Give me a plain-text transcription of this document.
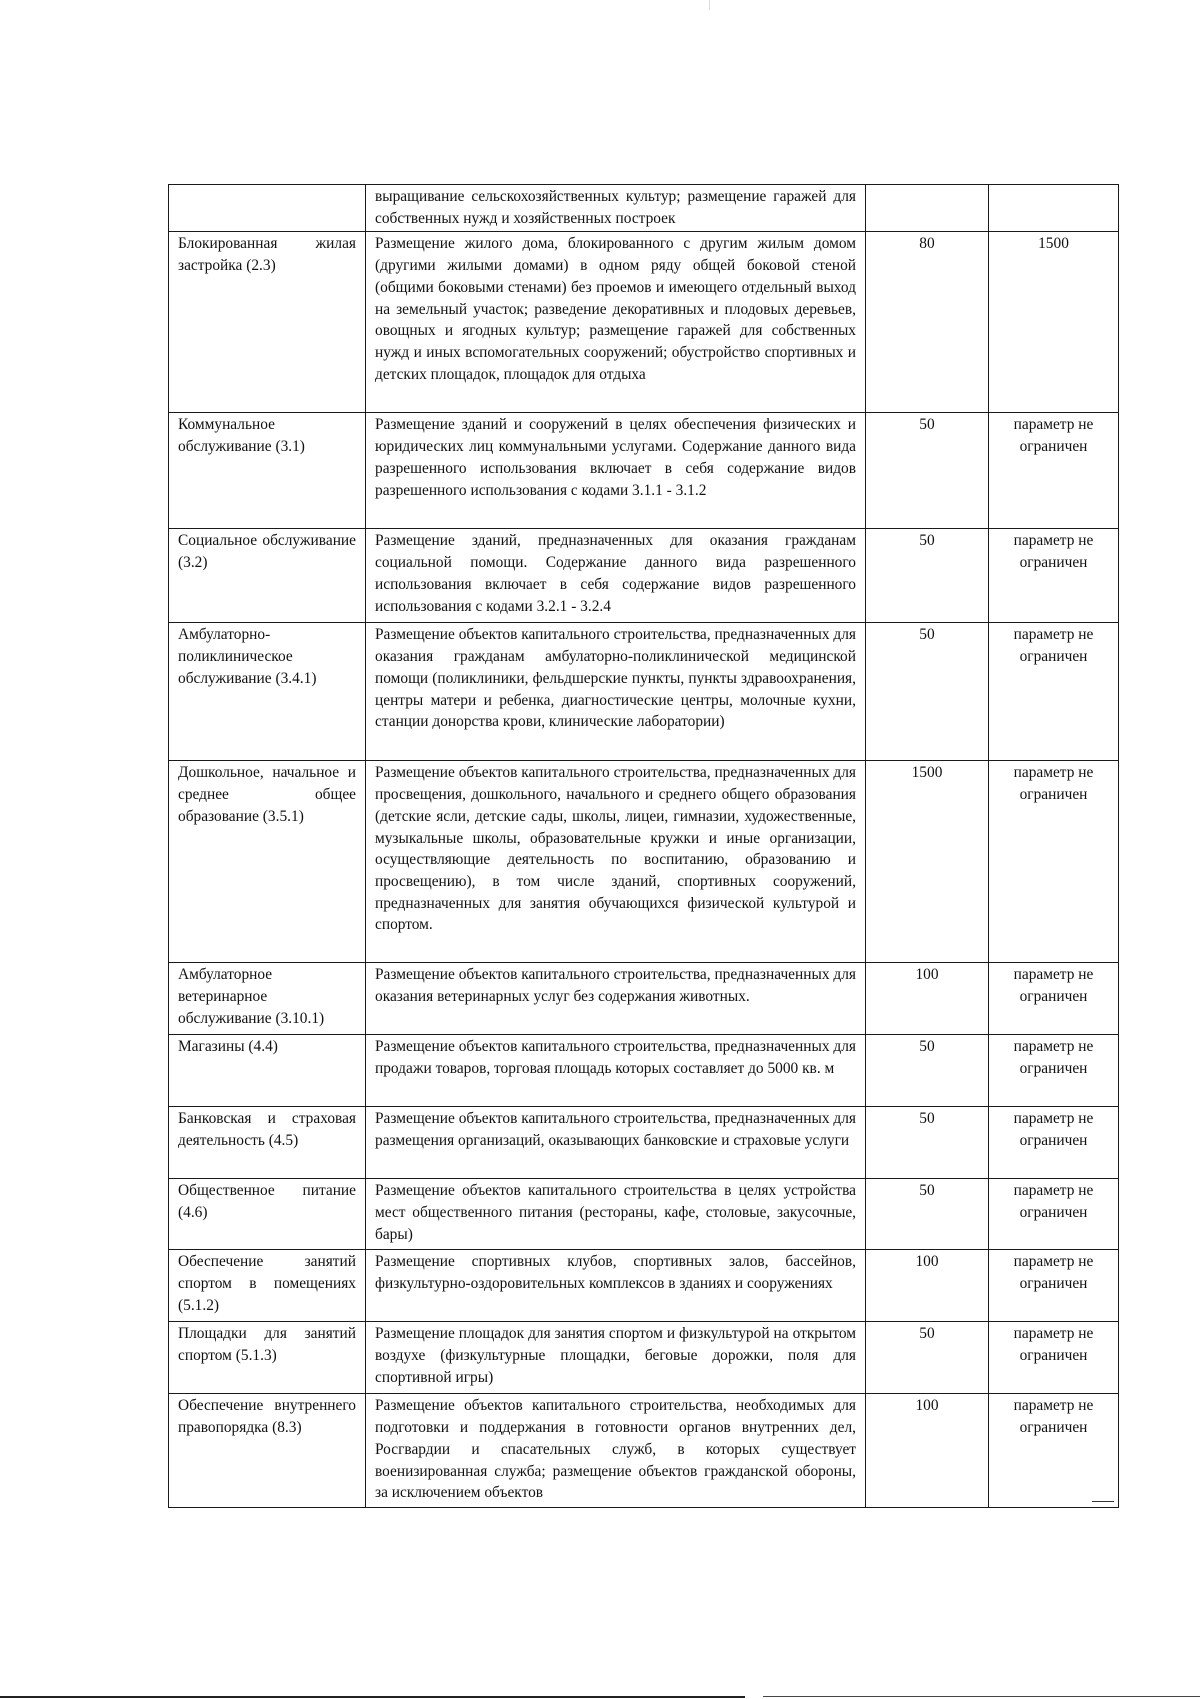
	выращивание сельскохозяйственных культур; размещение гаражей для собственных нужд и хозяйственных построек		
Блокированная жилая застройка (2.3)	Размещение жилого дома, блокированного с другим жилым домом (другими жилыми домами) в одном ряду общей боковой стеной (общими боковыми стенами) без проемов и имеющего отдельный выход на земельный участок; разведение декоративных и плодовых деревьев, овощных и ягодных культур; размещение гаражей для собственных нужд и иных вспомогательных сооружений; обустройство спортивных и детских площадок, площадок для отдыха	80	1500
Коммунальное обслуживание (3.1)	Размещение зданий и сооружений в целях обеспечения физических и юридических лиц коммунальными услугами. Содержание данного вида разрешенного использования включает в себя содержание видов разрешенного использования с кодами 3.1.1 - 3.1.2	50	параметр не ограничен
Социальное обслуживание (3.2)	Размещение зданий, предназначенных для оказания гражданам социальной помощи. Содержание данного вида разрешенного использования включает в себя содержание видов разрешенного использования с кодами 3.2.1 - 3.2.4	50	параметр не ограничен
Амбулаторно-поликлиническое обслуживание (3.4.1)	Размещение объектов капитального строительства, предназначенных для оказания гражданам амбулаторно-поликлинической медицинской помощи (поликлиники, фельдшерские пункты, пункты здравоохранения, центры матери и ребенка, диагностические центры, молочные кухни, станции донорства крови, клинические лаборатории)	50	параметр не ограничен
Дошкольное, начальное и среднее общее образование (3.5.1)	Размещение объектов капитального строительства, предназначенных для просвещения, дошкольного, начального и среднего общего образования (детские ясли, детские сады, школы, лицеи, гимназии, художественные, музыкальные школы, образовательные кружки и иные организации, осуществляющие деятельность по воспитанию, образованию и просвещению), в том числе зданий, спортивных сооружений, предназначенных для занятия обучающихся физической культурой и спортом.	1500	параметр не ограничен
Амбулаторное ветеринарное обслуживание (3.10.1)	Размещение объектов капитального строительства, предназначенных для оказания ветеринарных услуг без содержания животных.	100	параметр не ограничен
Магазины (4.4)	Размещение объектов капитального строительства, предназначенных для продажи товаров, торговая площадь которых составляет до 5000 кв. м	50	параметр не ограничен
Банковская и страховая деятельность (4.5)	Размещение объектов капитального строительства, предназначенных для размещения организаций, оказывающих банковские и страховые услуги	50	параметр не ограничен
Общественное питание (4.6)	Размещение объектов капитального строительства в целях устройства мест общественного питания (рестораны, кафе, столовые, закусочные, бары)	50	параметр не ограничен
Обеспечение занятий спортом в помещениях (5.1.2)	Размещение спортивных клубов, спортивных залов, бассейнов, физкультурно-оздоровительных комплексов в зданиях и сооружениях	100	параметр не ограничен
Площадки для занятий спортом (5.1.3)	Размещение площадок для занятия спортом и физкультурой на открытом воздухе (физкультурные площадки, беговые дорожки, поля для спортивной игры)	50	параметр не ограничен
Обеспечение внутреннего правопорядка (8.3)	Размещение объектов капитального строительства, необходимых для подготовки и поддержания в готовности органов внутренних дел, Росгвардии и спасательных служб, в которых существует военизированная служба; размещение объектов гражданской обороны, за исключением объектов	100	параметр не ограничен
